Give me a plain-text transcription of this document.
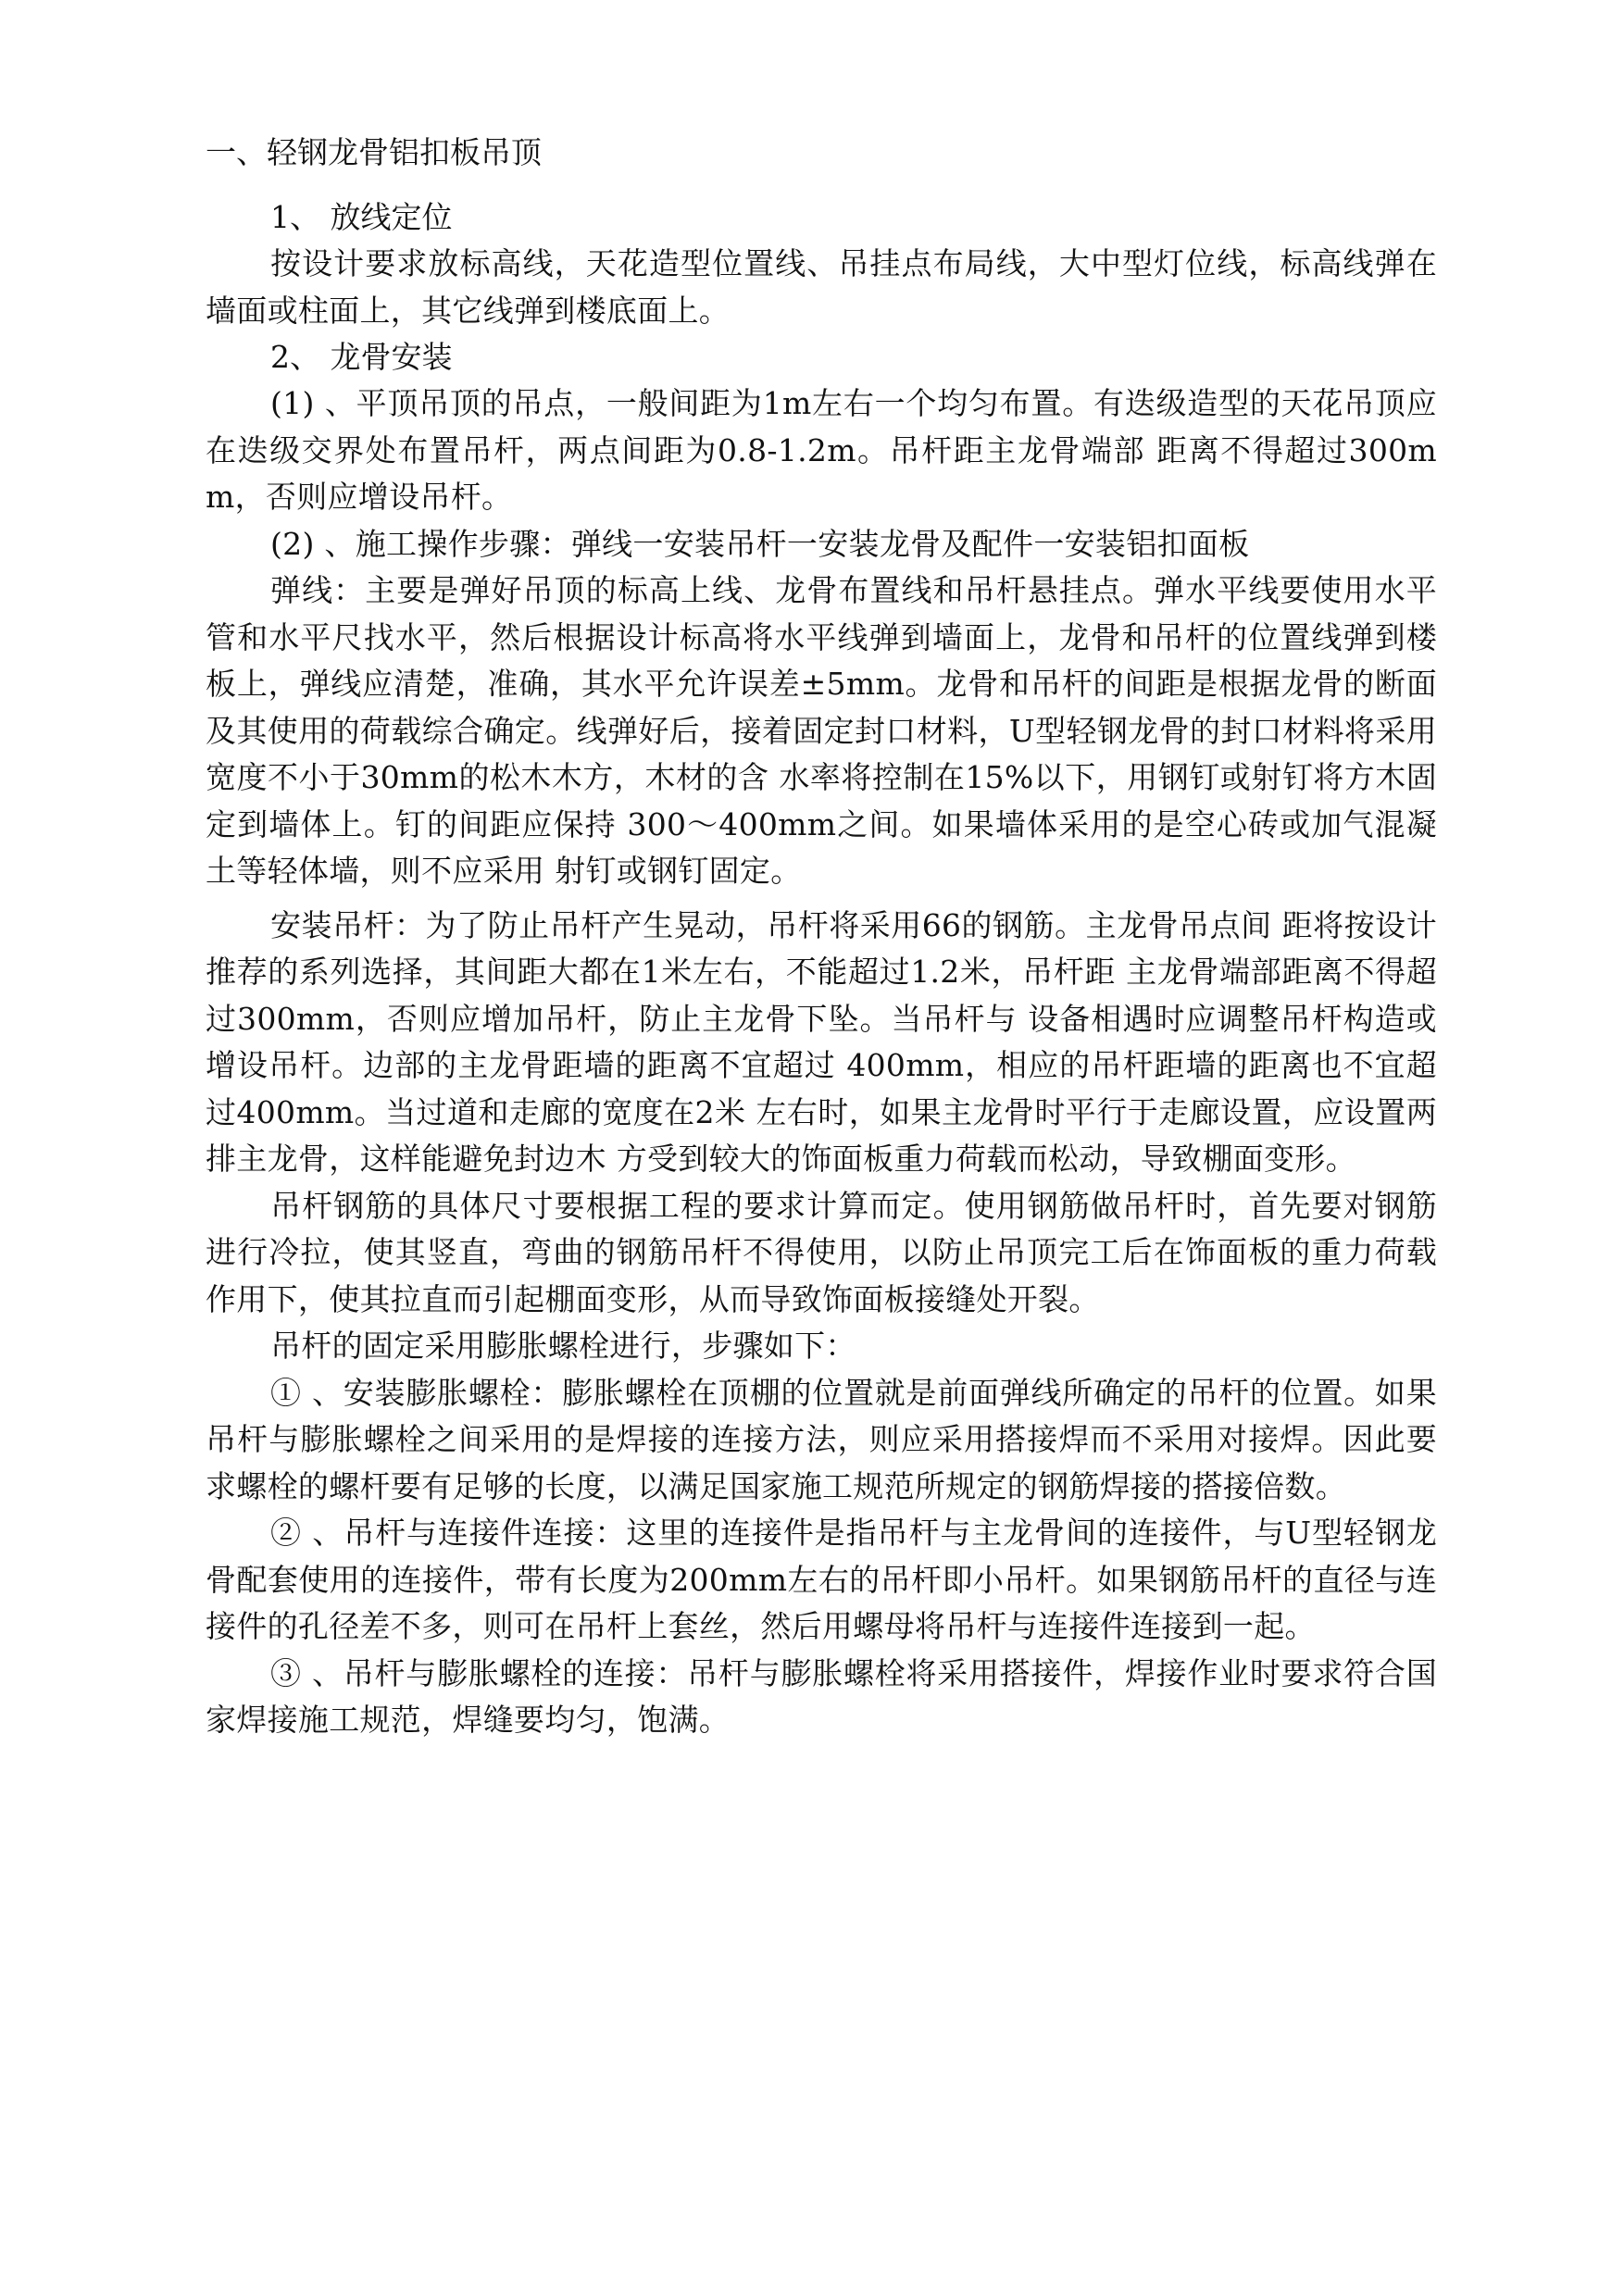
一、轻钢龙骨铝扣板吊顶
1、 放线定位

按设计要求放标高线，天花造型位置线、吊挂点布局线，大中型灯位线，标高线弹在墙面或柱面上，其它线弹到楼底面上。

2、 龙骨安装

(1) 、平顶吊顶的吊点，一般间距为1m左右一个均匀布置。有迭级造型的天花吊顶应在迭级交界处布置吊杆，两点间距为0.8-1.2m。吊杆距主龙骨端部 距离不得超过300mm，否则应增设吊杆。

(2) 、施工操作步骤：弹线一安装吊杆一安装龙骨及配件一安装铝扣面板

弹线：主要是弹好吊顶的标高上线、龙骨布置线和吊杆悬挂点。弹水平线要使用水平管和水平尺找水平，然后根据设计标高将水平线弹到墙面上，龙骨和吊杆的位置线弹到楼板上，弹线应清楚，准确，其水平允许误差±5mm。龙骨和吊杆的间距是根据龙骨的断面及其使用的荷载综合确定。线弹好后，接着固定封口材料，U型轻钢龙骨的封口材料将采用宽度不小于30mm的松木木方，木材的含 水率将控制在15%以下，用钢钉或射钉将方木固定到墙体上。钉的间距应保持 300〜400mm之间。如果墙体采用的是空心砖或加气混凝土等轻体墙，则不应采用 射钉或钢钉固定。

安装吊杆：为了防止吊杆产生晃动，吊杆将采用66的钢筋。主龙骨吊点间 距将按设计推荐的系列选择，其间距大都在1米左右，不能超过1.2米，吊杆距 主龙骨端部距离不得超过300mm，否则应增加吊杆，防止主龙骨下坠。当吊杆与 设备相遇时应调整吊杆构造或增设吊杆。边部的主龙骨距墙的距离不宜超过 400mm，相应的吊杆距墙的距离也不宜超过400mm。当过道和走廊的宽度在2米 左右时，如果主龙骨时平行于走廊设置，应设置两排主龙骨，这样能避免封边木 方受到较大的饰面板重力荷载而松动，导致棚面变形。

吊杆钢筋的具体尺寸要根据工程的要求计算而定。使用钢筋做吊杆时，首先要对钢筋进行冷拉，使其竖直，弯曲的钢筋吊杆不得使用，以防止吊顶完工后在饰面板的重力荷载作用下，使其拉直而引起棚面变形，从而导致饰面板接缝处开裂。

吊杆的固定采用膨胀螺栓进行，步骤如下：

① 、安装膨胀螺栓：膨胀螺栓在顶棚的位置就是前面弹线所确定的吊杆的位置。如果吊杆与膨胀螺栓之间采用的是焊接的连接方法，则应采用搭接焊而不采用对接焊。因此要求螺栓的螺杆要有足够的长度，以满足国家施工规范所规定的钢筋焊接的搭接倍数。

② 、吊杆与连接件连接：这里的连接件是指吊杆与主龙骨间的连接件，与U型轻钢龙骨配套使用的连接件，带有长度为200mm左右的吊杆即小吊杆。如果钢筋吊杆的直径与连接件的孔径差不多，则可在吊杆上套丝，然后用螺母将吊杆与连接件连接到一起。

③ 、吊杆与膨胀螺栓的连接：吊杆与膨胀螺栓将采用搭接件，焊接作业时要求符合国家焊接施工规范，焊缝要均匀，饱满。
